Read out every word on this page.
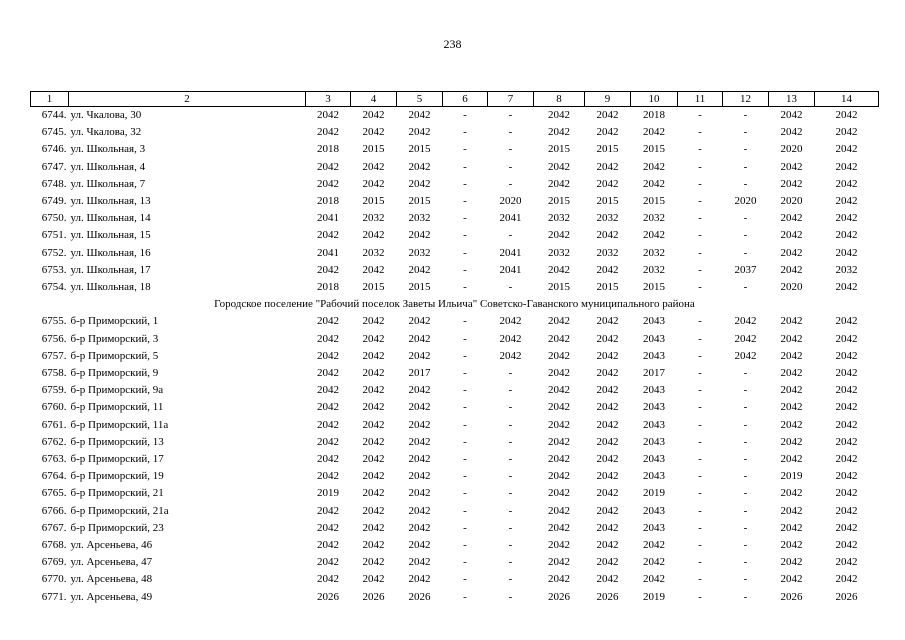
238
1	2	3	4	5	6	7	8	9	10	11	12	13	14
6744.	ул. Чкалова, 30	2042	2042	2042	-	-	2042	2042	2018	-	-	2042	2042
6745.	ул. Чкалова, 32	2042	2042	2042	-	-	2042	2042	2042	-	-	2042	2042
6746.	ул. Школьная, 3	2018	2015	2015	-	-	2015	2015	2015	-	-	2020	2042
6747.	ул. Школьная, 4	2042	2042	2042	-	-	2042	2042	2042	-	-	2042	2042
6748.	ул. Школьная, 7	2042	2042	2042	-	-	2042	2042	2042	-	-	2042	2042
6749.	ул. Школьная, 13	2018	2015	2015	-	2020	2015	2015	2015	-	2020	2020	2042
6750.	ул. Школьная, 14	2041	2032	2032	-	2041	2032	2032	2032	-	-	2042	2042
6751.	ул. Школьная, 15	2042	2042	2042	-	-	2042	2042	2042	-	-	2042	2042
6752.	ул. Школьная, 16	2041	2032	2032	-	2041	2032	2032	2032	-	-	2042	2042
6753.	ул. Школьная, 17	2042	2042	2042	-	2041	2042	2042	2032	-	2037	2042	2032
6754.	ул. Школьная, 18	2018	2015	2015	-	-	2015	2015	2015	-	-	2020	2042
Городское поселение "Рабочий поселок Заветы Ильича" Советско-Гаванского муниципального района													
6755.	б-р Приморский, 1	2042	2042	2042	-	2042	2042	2042	2043	-	2042	2042	2042
6756.	б-р Приморский, 3	2042	2042	2042	-	2042	2042	2042	2043	-	2042	2042	2042
6757.	б-р Приморский, 5	2042	2042	2042	-	2042	2042	2042	2043	-	2042	2042	2042
6758.	б-р Приморский, 9	2042	2042	2017	-	-	2042	2042	2017	-	-	2042	2042
6759.	б-р Приморский, 9а	2042	2042	2042	-	-	2042	2042	2043	-	-	2042	2042
6760.	б-р Приморский, 11	2042	2042	2042	-	-	2042	2042	2043	-	-	2042	2042
6761.	б-р Приморский, 11а	2042	2042	2042	-	-	2042	2042	2043	-	-	2042	2042
6762.	б-р Приморский, 13	2042	2042	2042	-	-	2042	2042	2043	-	-	2042	2042
6763.	б-р Приморский, 17	2042	2042	2042	-	-	2042	2042	2043	-	-	2042	2042
6764.	б-р Приморский, 19	2042	2042	2042	-	-	2042	2042	2043	-	-	2019	2042
6765.	б-р Приморский, 21	2019	2042	2042	-	-	2042	2042	2019	-	-	2042	2042
6766.	б-р Приморский, 21а	2042	2042	2042	-	-	2042	2042	2043	-	-	2042	2042
6767.	б-р Приморский, 23	2042	2042	2042	-	-	2042	2042	2043	-	-	2042	2042
6768.	ул. Арсеньева, 46	2042	2042	2042	-	-	2042	2042	2042	-	-	2042	2042
6769.	ул. Арсеньева, 47	2042	2042	2042	-	-	2042	2042	2042	-	-	2042	2042
6770.	ул. Арсеньева, 48	2042	2042	2042	-	-	2042	2042	2042	-	-	2042	2042
6771.	ул. Арсеньева, 49	2026	2026	2026	-	-	2026	2026	2019	-	-	2026	2026
